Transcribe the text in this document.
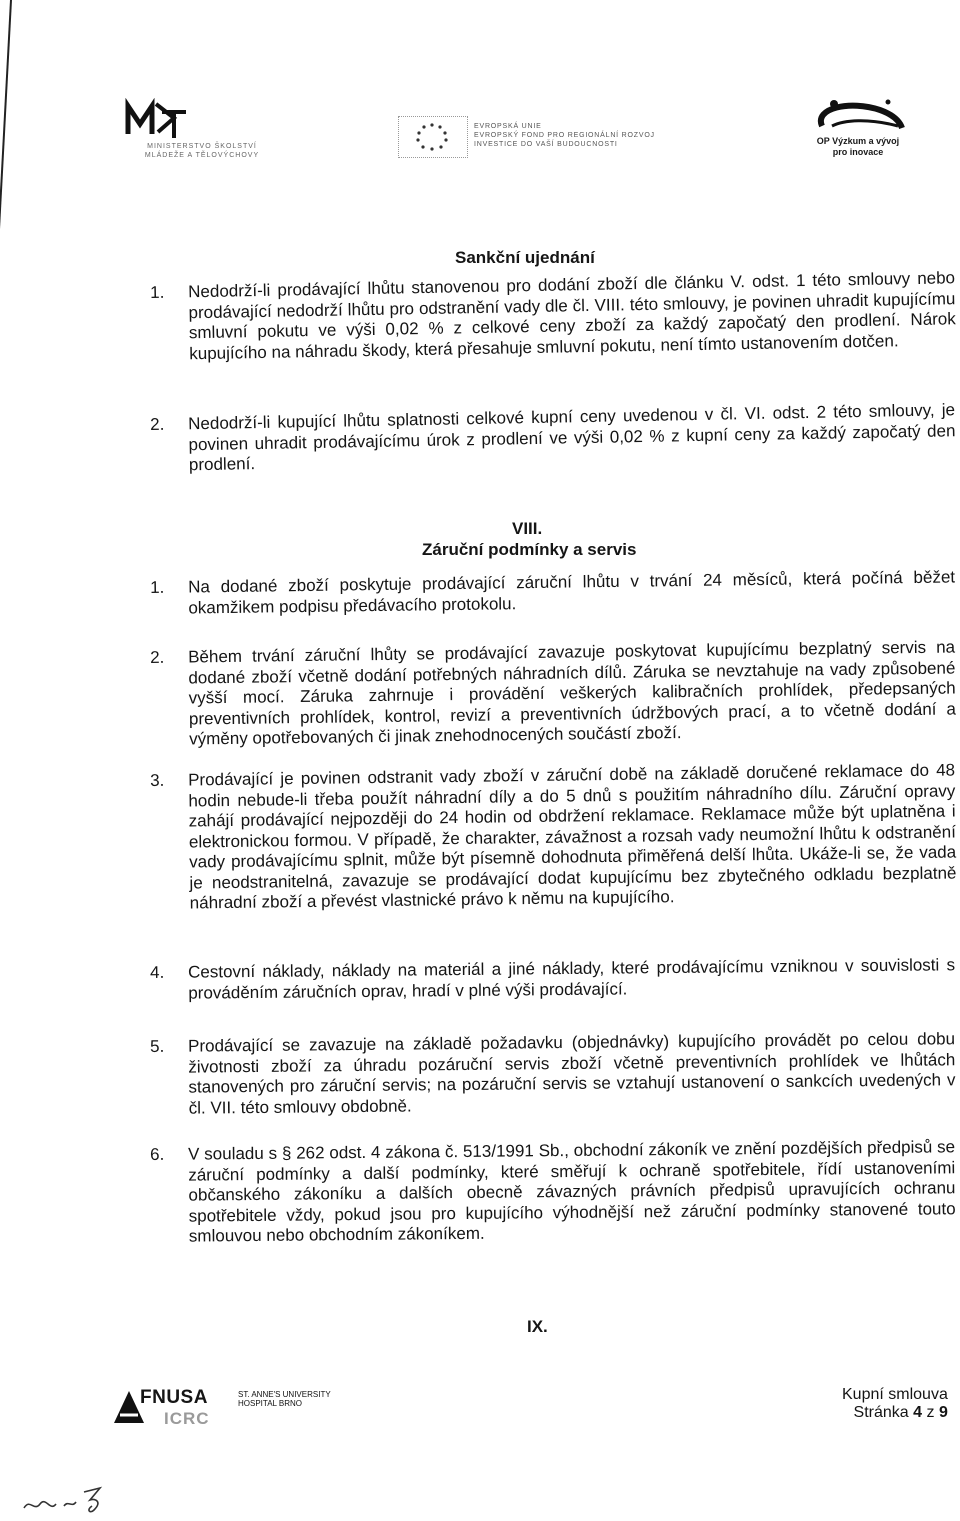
MINISTERSTVO ŠKOLSTVÍ
MLÁDEŽE A TĚLOVÝCHOVY
EVROPSKÁ UNIE
EVROPSKÝ FOND PRO REGIONÁLNÍ ROZVOJ
INVESTICE DO VAŠÍ BUDOUCNOSTI	OP Výzkum a vývoj
pro inovace
Sankční ujednání
1. Nedodrží-li prodávající lhůtu stanovenou pro dodání zboží dle článku V. odst. 1 této smlouvy nebo prodávající nedodrží lhůtu pro odstranění vady dle čl. VIII. této smlouvy, je povinen uhradit kupujícímu smluvní pokutu ve výši 0,02 % z celkové ceny zboží za každý započatý den prodlení. Nárok kupujícího na náhradu škody, která přesahuje smluvní pokutu, není tímto ustanovením dotčen.
2. Nedodrží-li kupující lhůtu splatnosti celkové kupní ceny uvedenou v čl. VI. odst. 2 této smlouvy, je povinen uhradit prodávajícímu úrok z prodlení ve výši 0,02 % z kupní ceny za každý započatý den prodlení.
VIII.
Záruční podmínky a servis
1. Na dodané zboží poskytuje prodávající záruční lhůtu v trvání 24 měsíců, která počíná běžet okamžikem podpisu předávacího protokolu.
2. Během trvání záruční lhůty se prodávající zavazuje poskytovat kupujícímu bezplatný servis na dodané zboží včetně dodání potřebných náhradních dílů. Záruka se nevztahuje na vady způsobené vyšší mocí. Záruka zahrnuje i provádění veškerých kalibračních prohlídek, předepsaných preventivních prohlídek, kontrol, revizí a preventivních údržbových prací, a to včetně dodání a výměny opotřebovaných či jinak znehodnocených součástí zboží.
3. Prodávající je povinen odstranit vady zboží v záruční době na základě doručené reklamace do 48 hodin nebude-li třeba použít náhradní díly a do 5 dnů s použitím náhradního dílu. Záruční opravy zahájí prodávající nejpozději do 24 hodin od obdržení reklamace. Reklamace může být uplatněna i elektronickou formou. V případě, že charakter, závažnost a rozsah vady neumožní lhůtu k odstranění vady prodávajícímu splnit, může být písemně dohodnuta přiměřená delší lhůta. Ukáže-li se, že vada je neodstranitelná, zavazuje se prodávající dodat kupujícímu bez zbytečného odkladu bezplatně náhradní zboží a převést vlastnické právo k němu na kupujícího.
4. Cestovní náklady, náklady na materiál a jiné náklady, které prodávajícímu vzniknou v souvislosti s prováděním záručních oprav, hradí v plné výši prodávající.
5. Prodávající se zavazuje na základě požadavku (objednávky) kupujícího provádět po celou dobu životnosti zboží za úhradu pozáruční servis zboží včetně preventivních prohlídek ve lhůtách stanovených pro záruční servis; na pozáruční servis se vztahují ustanovení o sankcích uvedených v čl. VII. této smlouvy obdobně.
6. V souladu s § 262 odst. 4 zákona č. 513/1991 Sb., obchodní zákoník ve znění pozdějších předpisů se záruční podmínky a další podmínky, které směřují k ochraně spotřebitele, řídí ustanoveními občanského zákoníku a dalších obecně závazných právních předpisů upravujících ochranu spotřebitele vždy, pokud jsou pro kupujícího výhodnější než záruční podmínky stanovené touto smlouvou nebo obchodním zákoníkem.
IX.
FNUSA
ICRC
ST. ANNE'S UNIVERSITY
HOSPITAL BRNO
Kupní smlouva
Stránka 4 z 9
